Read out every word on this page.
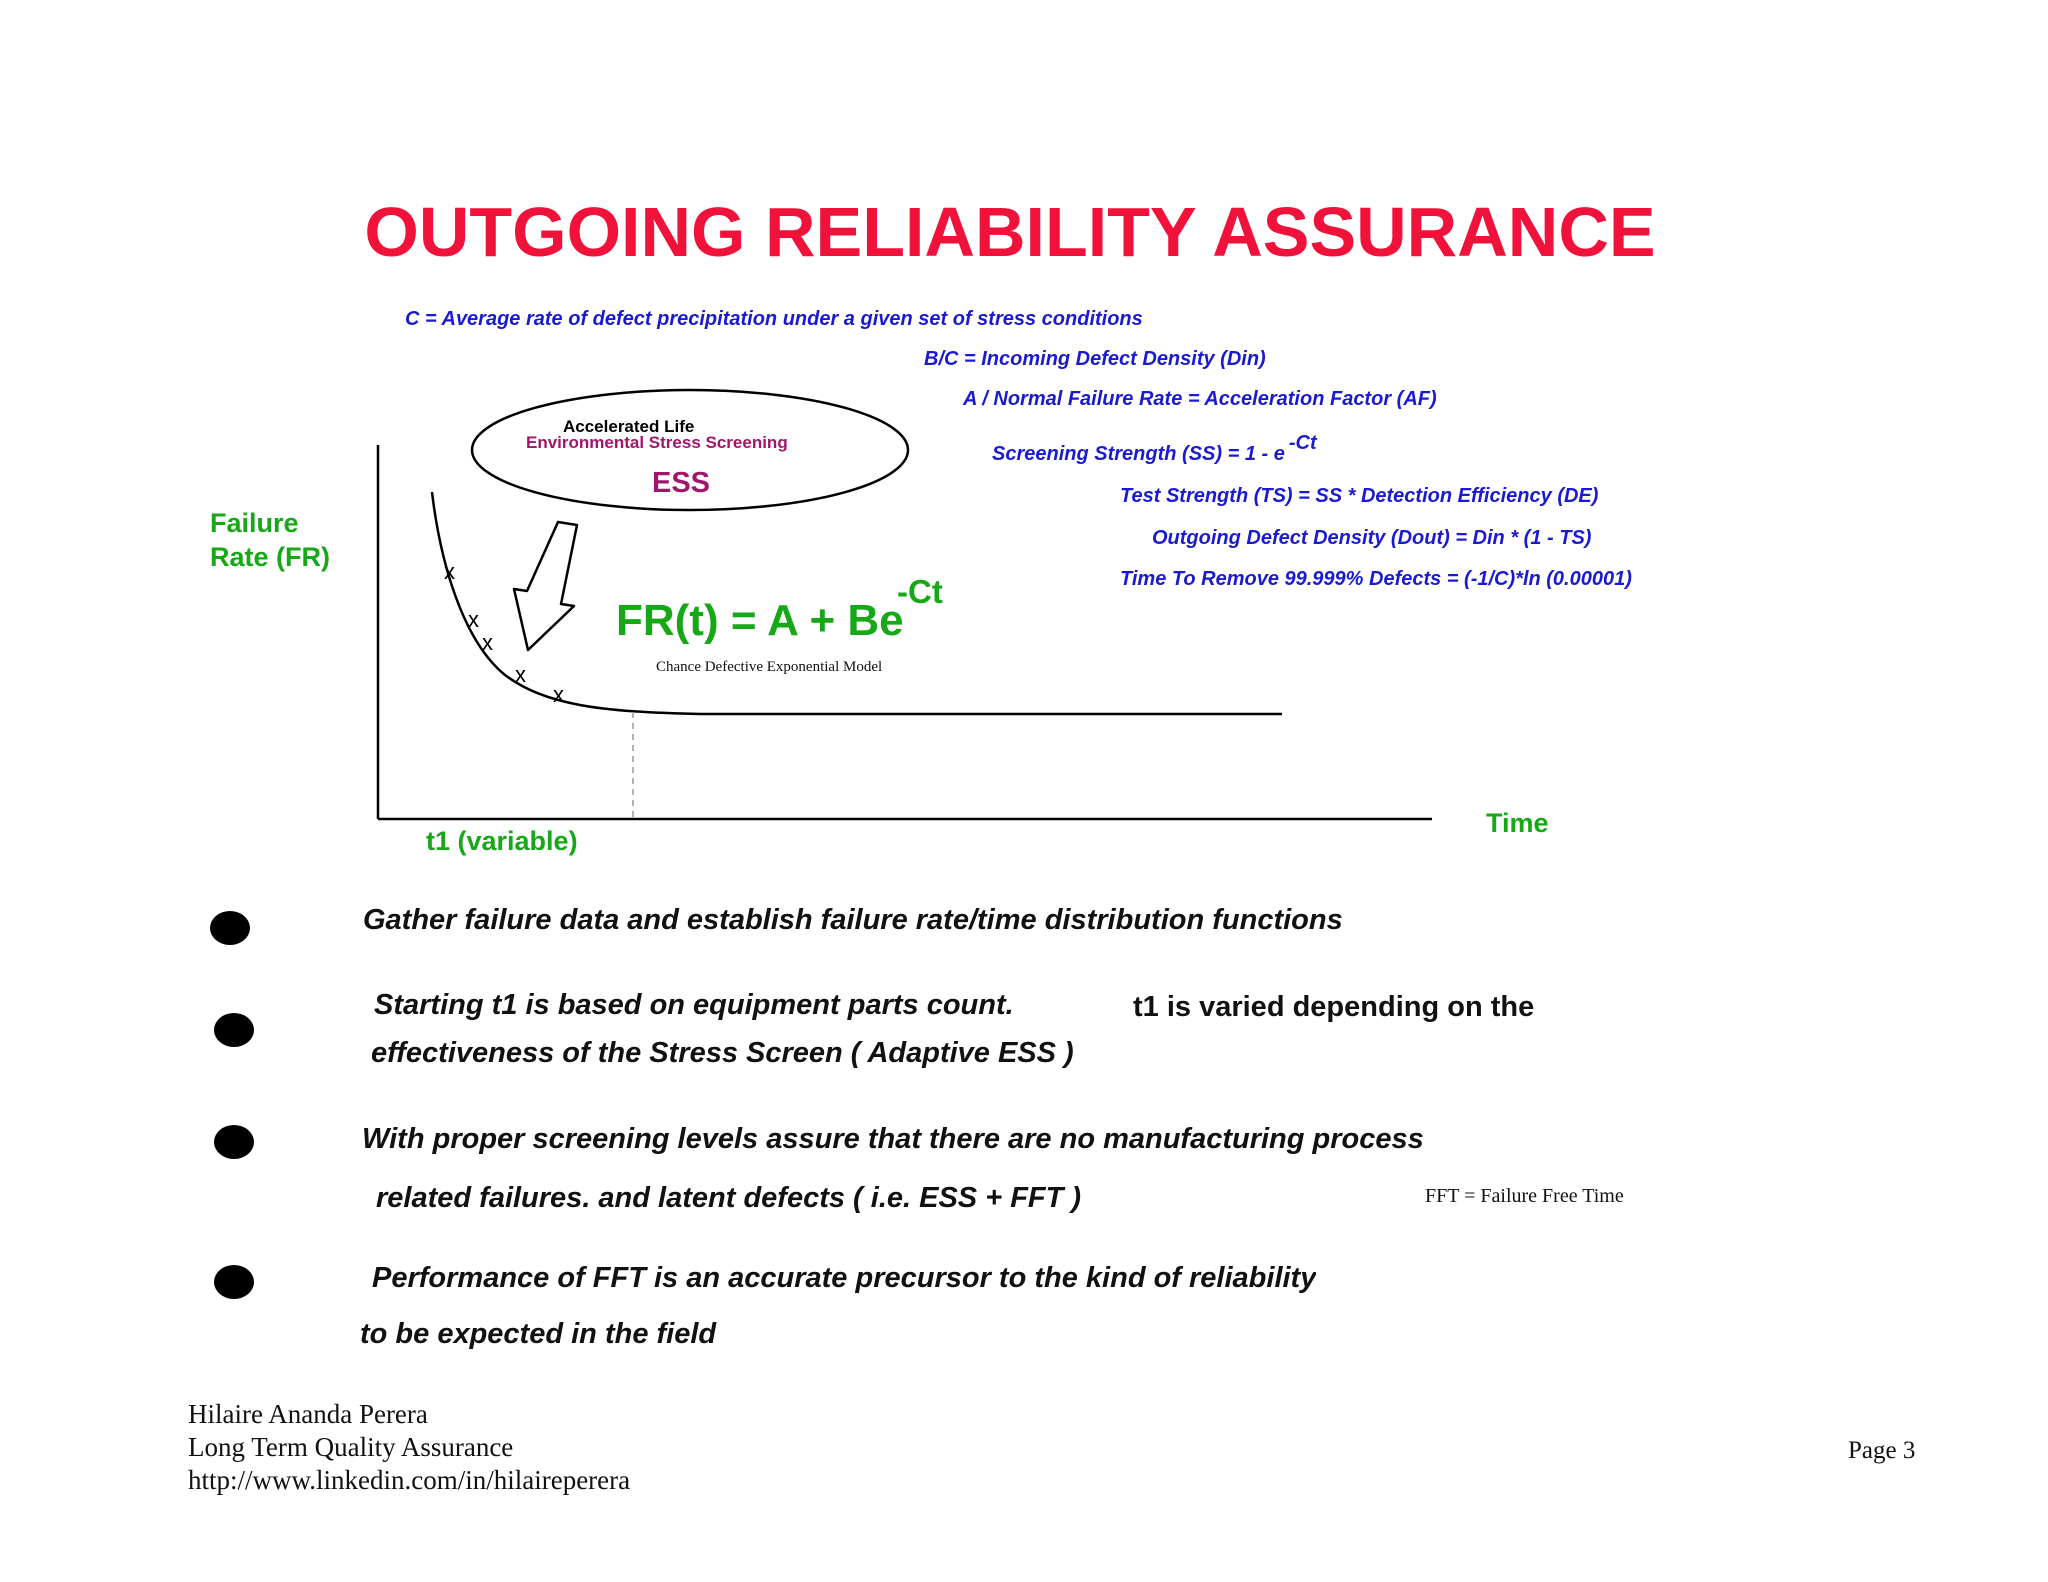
OUTGOING RELIABILITY ASSURANCE
C = Average rate of defect precipitation under a given set of stress conditions
B/C = Incoming Defect Density (Din)
A / Normal Failure Rate = Acceleration Factor (AF)
Screening Strength (SS) = 1 - e -Ct
Test Strength (TS) = SS * Detection Efficiency (DE)
Outgoing Defect Density (Dout) = Din * (1 - TS)
Time To Remove 99.999% Defects = (-1/C)*ln (0.00001)
x
x
x
x
x
Accelerated Life
Environmental Stress Screening
ESS
Failure
Rate (FR)
Time
t1 (variable)
FR(t) = A + Be
-Ct
Chance Defective Exponential Model
Gather failure data and establish failure rate/time distribution functions
Starting t1 is based on equipment parts count.	t1 is varied depending on the
effectiveness of the Stress Screen ( Adaptive ESS )
With proper screening levels assure that there are no manufacturing process
related failures. and latent defects ( i.e. ESS + FFT )	FFT = Failure Free Time
Performance of FFT is an accurate precursor to the kind of reliability
to be expected in the field
Hilaire Ananda Perera
Long Term Quality Assurance
http://www.linkedin.com/in/hilaireperera
Page 3
